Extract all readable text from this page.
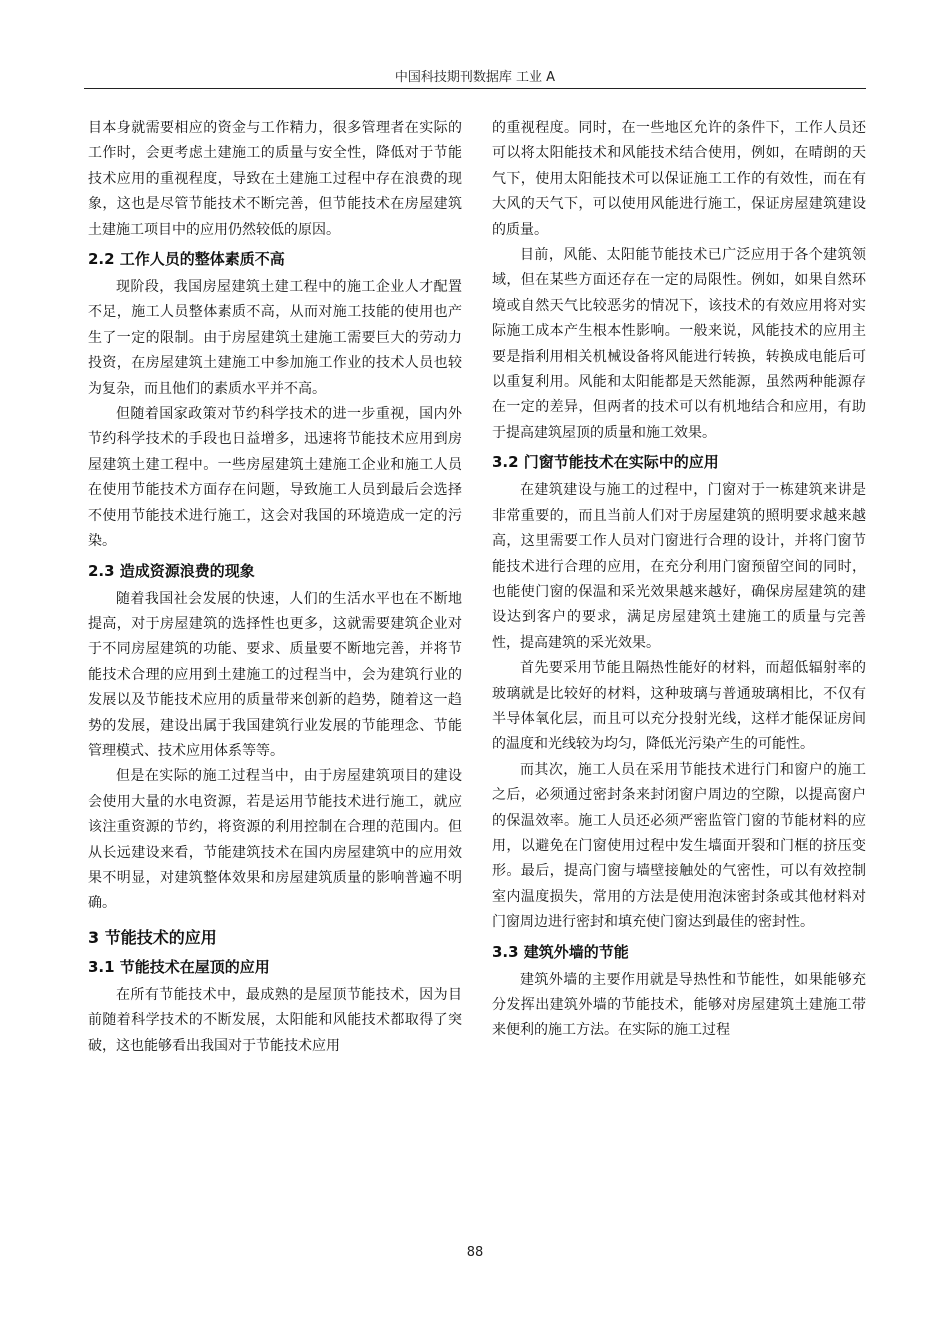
中国科技期刊数据库 工业 A

目本身就需要相应的资金与工作精力，很多管理者在实际的工作时，会更考虑土建施工的质量与安全性，降低对于节能技术应用的重视程度，导致在土建施工过程中存在浪费的现象，这也是尽管节能技术不断完善，但节能技术在房屋建筑土建施工项目中的应用仍然较低的原因。

2.2 工作人员的整体素质不高

现阶段，我国房屋建筑土建工程中的施工企业人才配置不足，施工人员整体素质不高，从而对施工技能的使用也产生了一定的限制。由于房屋建筑土建施工需要巨大的劳动力投资，在房屋建筑土建施工中参加施工作业的技术人员也较为复杂，而且他们的素质水平并不高。

但随着国家政策对节约科学技术的进一步重视，国内外节约科学技术的手段也日益增多，迅速将节能技术应用到房屋建筑土建工程中。一些房屋建筑土建施工企业和施工人员在使用节能技术方面存在问题，导致施工人员到最后会选择不使用节能技术进行施工，这会对我国的环境造成一定的污染。

2.3 造成资源浪费的现象

随着我国社会发展的快速，人们的生活水平也在不断地提高，对于房屋建筑的选择性也更多，这就需要建筑企业对于不同房屋建筑的功能、要求、质量要不断地完善，并将节能技术合理的应用到土建施工的过程当中，会为建筑行业的发展以及节能技术应用的质量带来创新的趋势，随着这一趋势的发展，建设出属于我国建筑行业发展的节能理念、节能管理模式、技术应用体系等等。

但是在实际的施工过程当中，由于房屋建筑项目的建设会使用大量的水电资源，若是运用节能技术进行施工，就应该注重资源的节约，将资源的利用控制在合理的范围内。但从长远建设来看，节能建筑技术在国内房屋建筑中的应用效果不明显，对建筑整体效果和房屋建筑质量的影响普遍不明确。

3 节能技术的应用
3.1 节能技术在屋顶的应用

在所有节能技术中，最成熟的是屋顶节能技术，因为目前随着科学技术的不断发展，太阳能和风能技术都取得了突破，这也能够看出我国对于节能技术应用

的重视程度。同时，在一些地区允许的条件下，工作人员还可以将太阳能技术和风能技术结合使用，例如，在晴朗的天气下，使用太阳能技术可以保证施工工作的有效性，而在有大风的天气下，可以使用风能进行施工，保证房屋建筑建设的质量。

目前，风能、太阳能节能技术已广泛应用于各个建筑领域，但在某些方面还存在一定的局限性。例如，如果自然环境或自然天气比较恶劣的情况下，该技术的有效应用将对实际施工成本产生根本性影响。一般来说，风能技术的应用主要是指利用相关机械设备将风能进行转换，转换成电能后可以重复利用。风能和太阳能都是天然能源，虽然两种能源存在一定的差异，但两者的技术可以有机地结合和应用，有助于提高建筑屋顶的质量和施工效果。

3.2 门窗节能技术在实际中的应用

在建筑建设与施工的过程中，门窗对于一栋建筑来讲是非常重要的，而且当前人们对于房屋建筑的照明要求越来越高，这里需要工作人员对门窗进行合理的设计，并将门窗节能技术进行合理的应用，在充分利用门窗预留空间的同时，也能使门窗的保温和采光效果越来越好，确保房屋建筑的建设达到客户的要求，满足房屋建筑土建施工的质量与完善性，提高建筑的采光效果。

首先要采用节能且隔热性能好的材料，而超低辐射率的玻璃就是比较好的材料，这种玻璃与普通玻璃相比，不仅有半导体氧化层，而且可以充分投射光线，这样才能保证房间的温度和光线较为均匀，降低光污染产生的可能性。

而其次，施工人员在采用节能技术进行门和窗户的施工之后，必须通过密封条来封闭窗户周边的空隙，以提高窗户的保温效率。施工人员还必须严密监管门窗的节能材料的应用，以避免在门窗使用过程中发生墙面开裂和门框的挤压变形。最后，提高门窗与墙壁接触处的气密性，可以有效控制室内温度损失，常用的方法是使用泡沫密封条或其他材料对门窗周边进行密封和填充使门窗达到最佳的密封性。

3.3 建筑外墙的节能

建筑外墙的主要作用就是导热性和节能性，如果能够充分发挥出建筑外墙的节能技术，能够对房屋建筑土建施工带来便利的施工方法。在实际的施工过程

88
